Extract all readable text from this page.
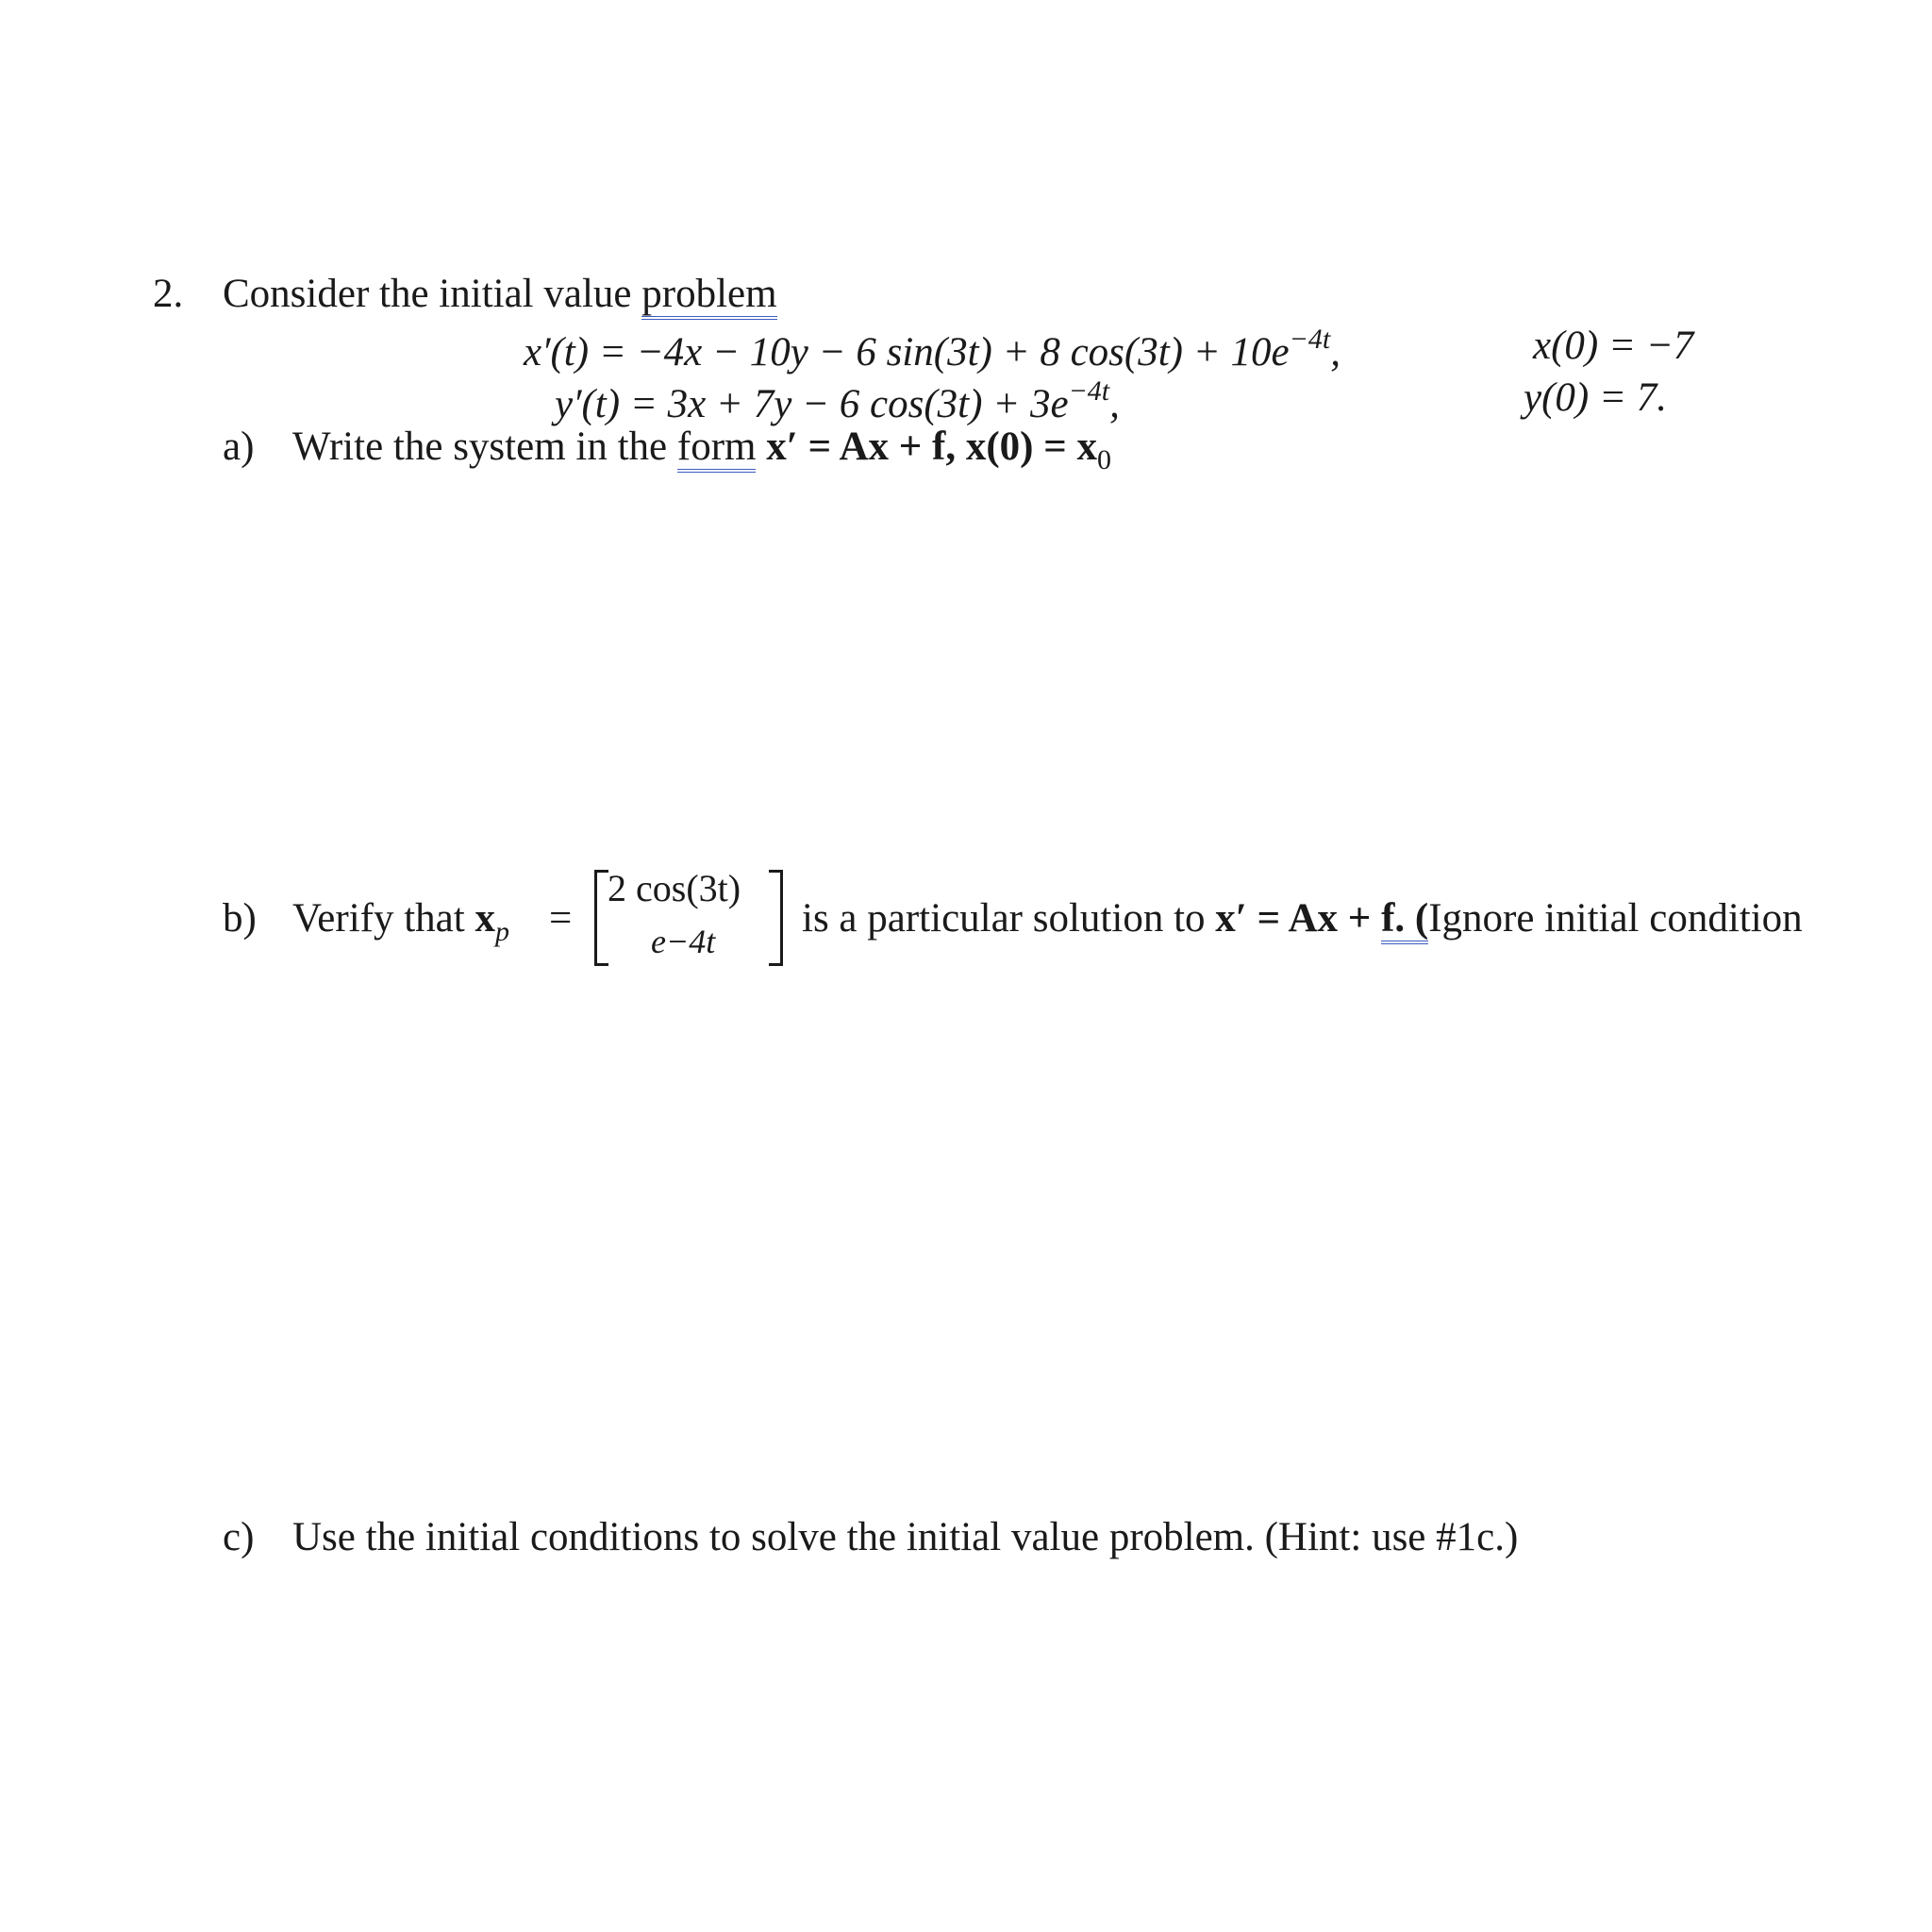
2. Consider the initial value problem
x′(t) = −4x − 10y − 6 sin(3t) + 8 $\cos(3t) + 10e^{-4t}$,	x(0) = −7
y′(t) = 3x + 7y − 6 $\cos(3t) + 3e^{-4t}$,	y(0) = 7.
a) Write the system in the form x′ = Ax + f, $x(0) = x_0$
b) Verify that $x_p$ =
2 cos(3t)
e−4t
is a particular solution to x′ = Ax + f. (Ignore initial condition
c) Use the initial conditions to solve the initial value problem. (Hint: use #1c.)
